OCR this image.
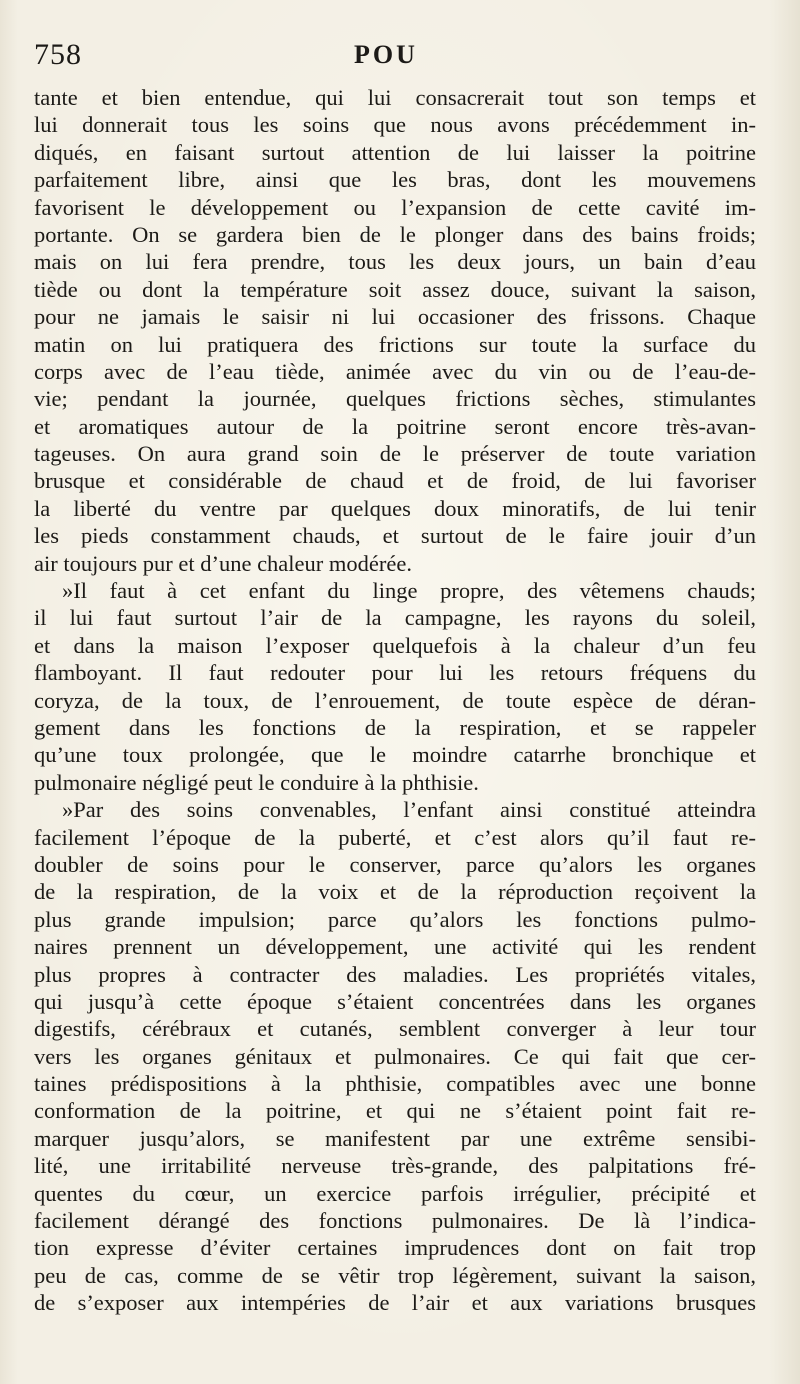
758	POU
tante et bien entendue, qui lui consacrerait tout son temps et
lui donnerait tous les soins que nous avons précédemment in-
diqués, en faisant surtout attention de lui laisser la poitrine
parfaitement libre, ainsi que les bras, dont les mouvemens
favorisent le développement ou l’expansion de cette cavité im-
portante. On se gardera bien de le plonger dans des bains froids;
mais on lui fera prendre, tous les deux jours, un bain d’eau
tiède ou dont la température soit assez douce, suivant la saison,
pour ne jamais le saisir ni lui occasioner des frissons. Chaque
matin on lui pratiquera des frictions sur toute la surface du
corps avec de l’eau tiède, animée avec du vin ou de l’eau-de-
vie; pendant la journée, quelques frictions sèches, stimulantes
et aromatiques autour de la poitrine seront encore très-avan-
tageuses. On aura grand soin de le préserver de toute variation
brusque et considérable de chaud et de froid, de lui favoriser
la liberté du ventre par quelques doux minoratifs, de lui tenir
les pieds constamment chauds, et surtout de le faire jouir d’un
air toujours pur et d’une chaleur modérée.
»Il faut à cet enfant du linge propre, des vêtemens chauds;
il lui faut surtout l’air de la campagne, les rayons du soleil,
et dans la maison l’exposer quelquefois à la chaleur d’un feu
flamboyant. Il faut redouter pour lui les retours fréquens du
coryza, de la toux, de l’enrouement, de toute espèce de déran-
gement dans les fonctions de la respiration, et se rappeler
qu’une toux prolongée, que le moindre catarrhe bronchique et
pulmonaire négligé peut le conduire à la phthisie.
»Par des soins convenables, l’enfant ainsi constitué atteindra
facilement l’époque de la puberté, et c’est alors qu’il faut re-
doubler de soins pour le conserver, parce qu’alors les organes
de la respiration, de la voix et de la réproduction reçoivent la
plus grande impulsion; parce qu’alors les fonctions pulmo-
naires prennent un développement, une activité qui les rendent
plus propres à contracter des maladies. Les propriétés vitales,
qui jusqu’à cette époque s’étaient concentrées dans les organes
digestifs, cérébraux et cutanés, semblent converger à leur tour
vers les organes génitaux et pulmonaires. Ce qui fait que cer-
taines prédispositions à la phthisie, compatibles avec une bonne
conformation de la poitrine, et qui ne s’étaient point fait re-
marquer jusqu’alors, se manifestent par une extrême sensibi-
lité, une irritabilité nerveuse très-grande, des palpitations fré-
quentes du cœur, un exercice parfois irrégulier, précipité et
facilement dérangé des fonctions pulmonaires. De là l’indica-
tion expresse d’éviter certaines imprudences dont on fait trop
peu de cas, comme de se vêtir trop légèrement, suivant la saison,
de s’exposer aux intempéries de l’air et aux variations brusques
